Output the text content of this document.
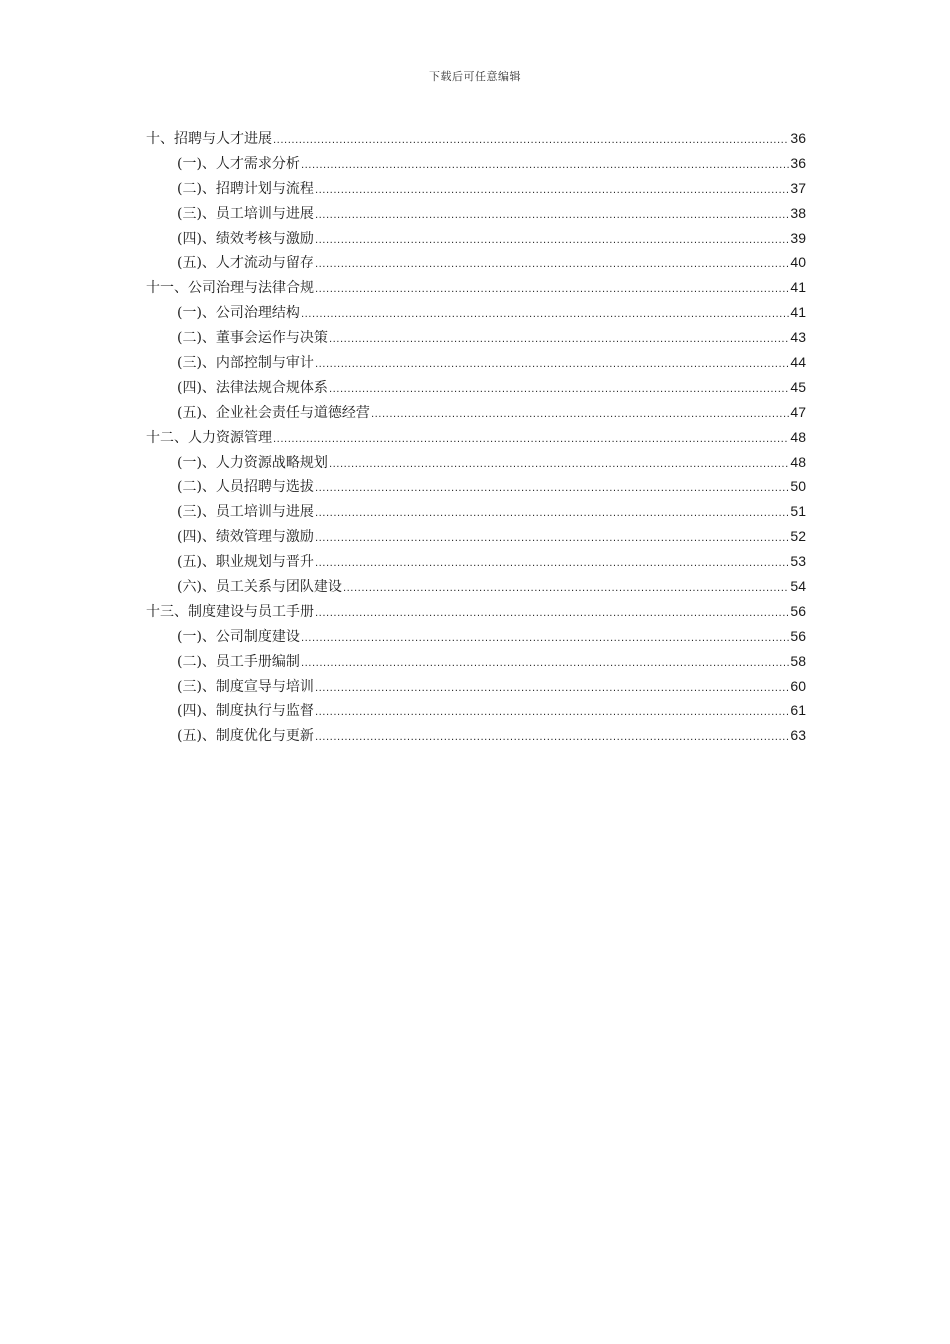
下载后可任意编辑
十、招聘与人才进展 .....	36
(一)、人才需求分析 .....	36
(二)、招聘计划与流程 .....	37
(三)、员工培训与进展 .....	38
(四)、绩效考核与激励 .....	39
(五)、人才流动与留存 .....	40
十一、公司治理与法律合规 .....	41
(一)、公司治理结构 .....	41
(二)、董事会运作与决策 .....	43
(三)、内部控制与审计 .....	44
(四)、法律法规合规体系 .....	45
(五)、企业社会责任与道德经营 .....	47
十二、人力资源管理 .....	48
(一)、人力资源战略规划 .....	48
(二)、人员招聘与选拔 .....	50
(三)、员工培训与进展 .....	51
(四)、绩效管理与激励 .....	52
(五)、职业规划与晋升 .....	53
(六)、员工关系与团队建设 .....	54
十三、制度建设与员工手册 .....	56
(一)、公司制度建设 .....	56
(二)、员工手册编制 .....	58
(三)、制度宣导与培训 .....	60
(四)、制度执行与监督 .....	61
(五)、制度优化与更新 .....	63
